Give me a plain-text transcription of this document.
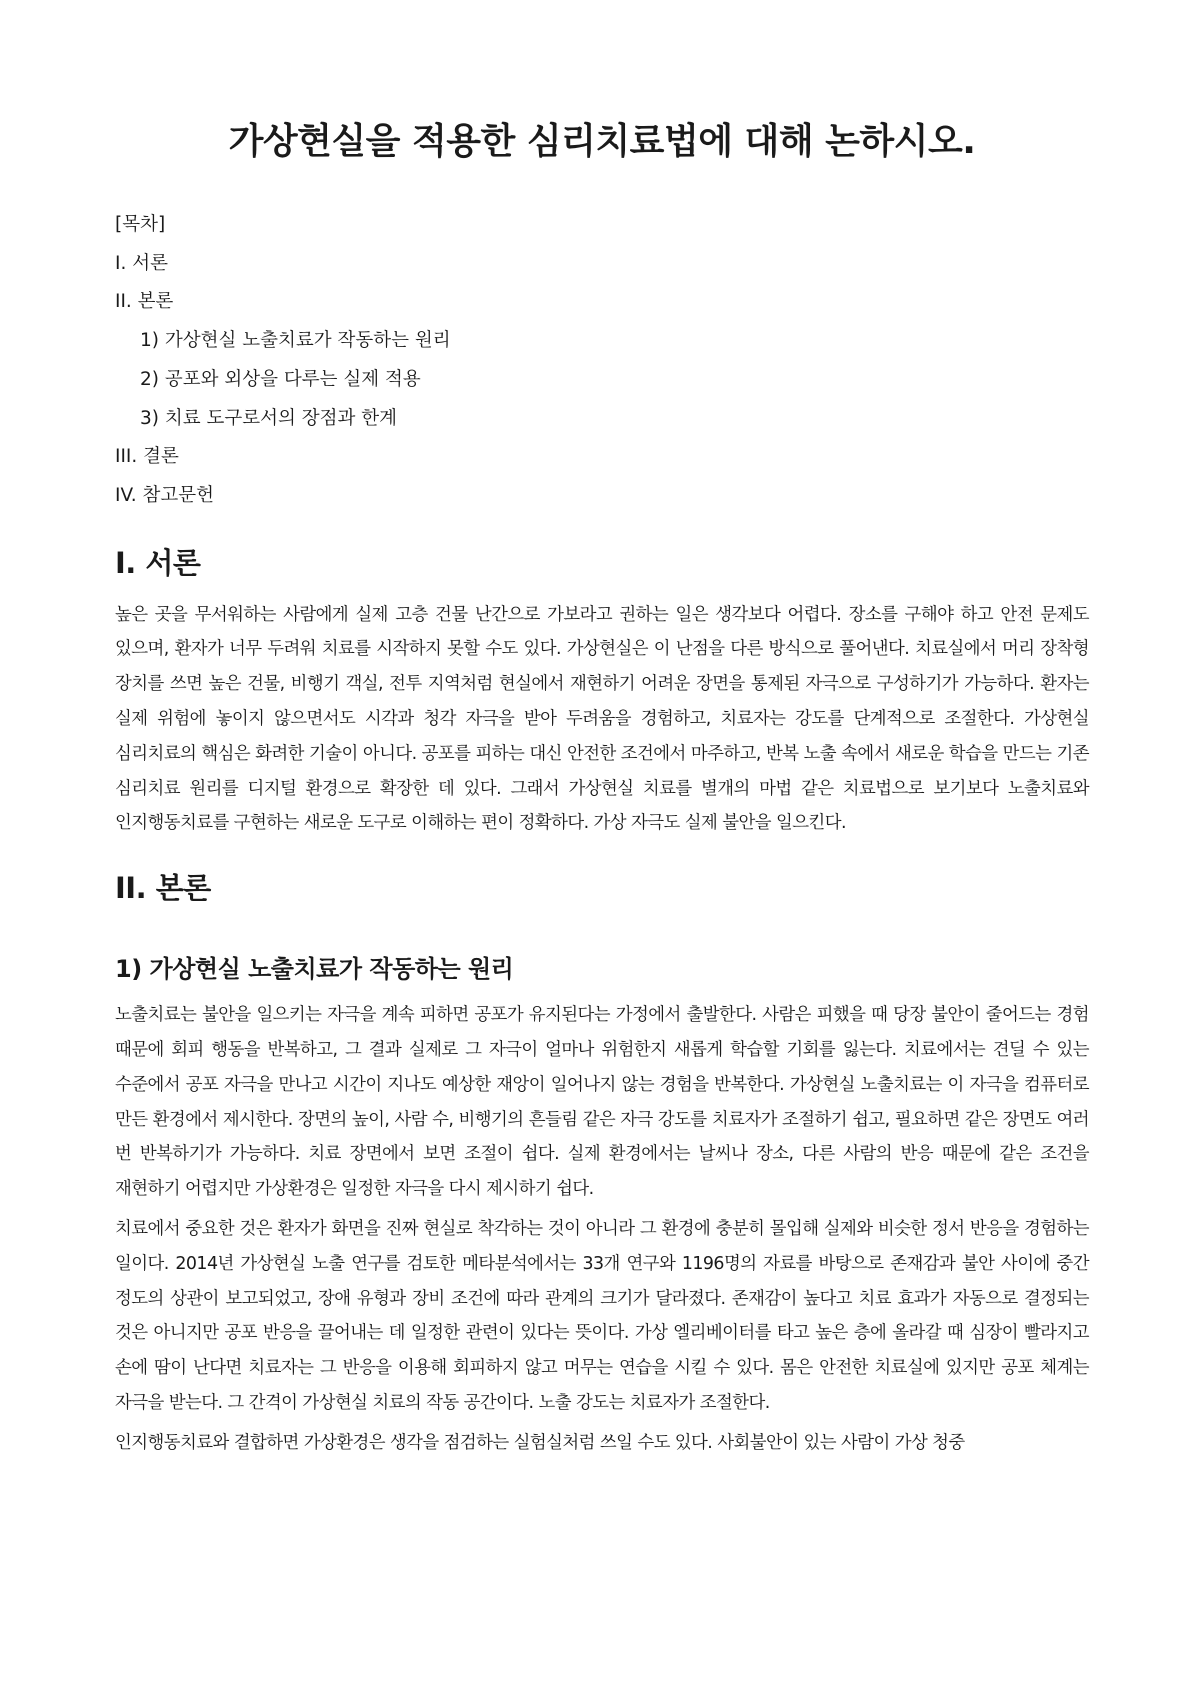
가상현실을 적용한 심리치료법에 대해 논하시오.
[목차]
I. 서론
II. 본론
1) 가상현실 노출치료가 작동하는 원리
2) 공포와 외상을 다루는 실제 적용
3) 치료 도구로서의 장점과 한계
III. 결론
IV. 참고문헌
I. 서론

높은 곳을 무서워하는 사람에게 실제 고층 건물 난간으로 가보라고 권하는 일은 생각보다 어렵다. 장소를 구해야 하고 안전 문제도 있으며, 환자가 너무 두려워 치료를 시작하지 못할 수도 있다. 가상현실은 이 난점을 다른 방식으로 풀어낸다. 치료실에서 머리 장착형 장치를 쓰면 높은 건물, 비행기 객실, 전투 지역처럼 현실에서 재현하기 어려운 장면을 통제된 자극으로 구성하기가 가능하다. 환자는 실제 위험에 놓이지 않으면서도 시각과 청각 자극을 받아 두려움을 경험하고, 치료자는 강도를 단계적으로 조절한다. 가상현실 심리치료의 핵심은 화려한 기술이 아니다. 공포를 피하는 대신 안전한 조건에서 마주하고, 반복 노출 속에서 새로운 학습을 만드는 기존 심리치료 원리를 디지털 환경으로 확장한 데 있다. 그래서 가상현실 치료를 별개의 마법 같은 치료법으로 보기보다 노출치료와 인지행동치료를 구현하는 새로운 도구로 이해하는 편이 정확하다. 가상 자극도 실제 불안을 일으킨다.

II. 본론
1) 가상현실 노출치료가 작동하는 원리

노출치료는 불안을 일으키는 자극을 계속 피하면 공포가 유지된다는 가정에서 출발한다. 사람은 피했을 때 당장 불안이 줄어드는 경험 때문에 회피 행동을 반복하고, 그 결과 실제로 그 자극이 얼마나 위험한지 새롭게 학습할 기회를 잃는다. 치료에서는 견딜 수 있는 수준에서 공포 자극을 만나고 시간이 지나도 예상한 재앙이 일어나지 않는 경험을 반복한다. 가상현실 노출치료는 이 자극을 컴퓨터로 만든 환경에서 제시한다. 장면의 높이, 사람 수, 비행기의 흔들림 같은 자극 강도를 치료자가 조절하기 쉽고, 필요하면 같은 장면도 여러 번 반복하기가 가능하다. 치료 장면에서 보면 조절이 쉽다. 실제 환경에서는 날씨나 장소, 다른 사람의 반응 때문에 같은 조건을 재현하기 어렵지만 가상환경은 일정한 자극을 다시 제시하기 쉽다.

치료에서 중요한 것은 환자가 화면을 진짜 현실로 착각하는 것이 아니라 그 환경에 충분히 몰입해 실제와 비슷한 정서 반응을 경험하는 일이다. 2014년 가상현실 노출 연구를 검토한 메타분석에서는 33개 연구와 1196명의 자료를 바탕으로 존재감과 불안 사이에 중간 정도의 상관이 보고되었고, 장애 유형과 장비 조건에 따라 관계의 크기가 달라졌다. 존재감이 높다고 치료 효과가 자동으로 결정되는 것은 아니지만 공포 반응을 끌어내는 데 일정한 관련이 있다는 뜻이다. 가상 엘리베이터를 타고 높은 층에 올라갈 때 심장이 빨라지고 손에 땀이 난다면 치료자는 그 반응을 이용해 회피하지 않고 머무는 연습을 시킬 수 있다. 몸은 안전한 치료실에 있지만 공포 체계는 자극을 받는다. 그 간격이 가상현실 치료의 작동 공간이다. 노출 강도는 치료자가 조절한다.

인지행동치료와 결합하면 가상환경은 생각을 점검하는 실험실처럼 쓰일 수도 있다. 사회불안이 있는 사람이 가상 청중
